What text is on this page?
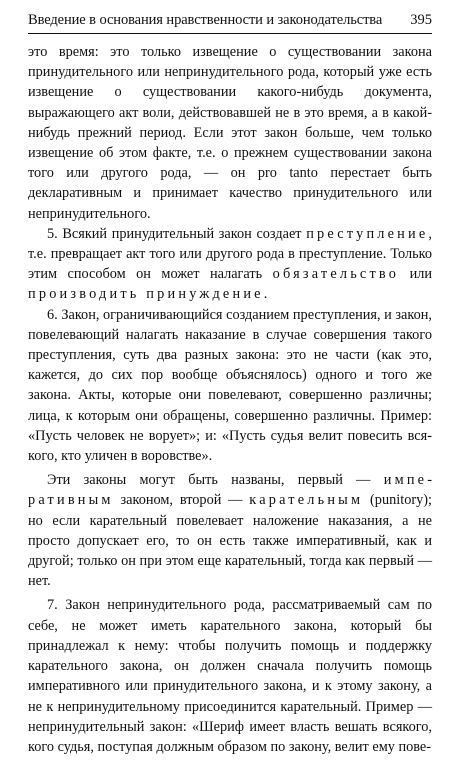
Введение в основания нравственности и законодательства	395

это время: это только извещение о существовании закона принудительного или непринудительного рода, который уже есть извещение о существовании какого-нибудь документа, выражающего акт воли, действовавшей не в это время, а в какой-нибудь прежний период. Если этот закон больше, чем только извещение об этом факте, т.е. о прежнем существовании закона того или другого рода, — он pro tanto перестает быть декларативным и принимает качество принудительного или непринудительного.

5. Всякий принудительный закон создает преступление, т.е. превращает акт того или другого рода в преступление. Только этим способом он может налагать обязательство или производить принуждение.

6. Закон, ограничивающийся созданием преступления, и закон, повелевающий налагать наказание в случае совершения такого преступления, суть два разных закона: это не части (как это, кажется, до сих пор вообще объяснялось) одного и того же закона. Акты, которые они повелевают, совершенно различны; лица, к которым они обращены, совершенно различны. Пример: «Пусть человек не ворует»; и: «Пусть судья велит повесить всякого, кто уличен в воровстве».

Эти законы могут быть названы, первый — императивным законом, второй — карательным (punitory); но если карательный повелевает наложение наказания, а не просто допускает его, то он есть также императивный, как и другой; только он при этом еще карательный, тогда как первый — нет.

7. Закон непринудительного рода, рассматриваемый сам по себе, не может иметь карательного закона, который бы принадлежал к нему: чтобы получить помощь и поддержку карательного закона, он должен сначала получить помощь императивного или принудительного закона, и к этому закону, а не к непринудительному присоединится карательный. Пример — непринудительный закон: «Шериф имеет власть вешать всякого, кого судья, поступая должным образом по закону, велит ему пове-
